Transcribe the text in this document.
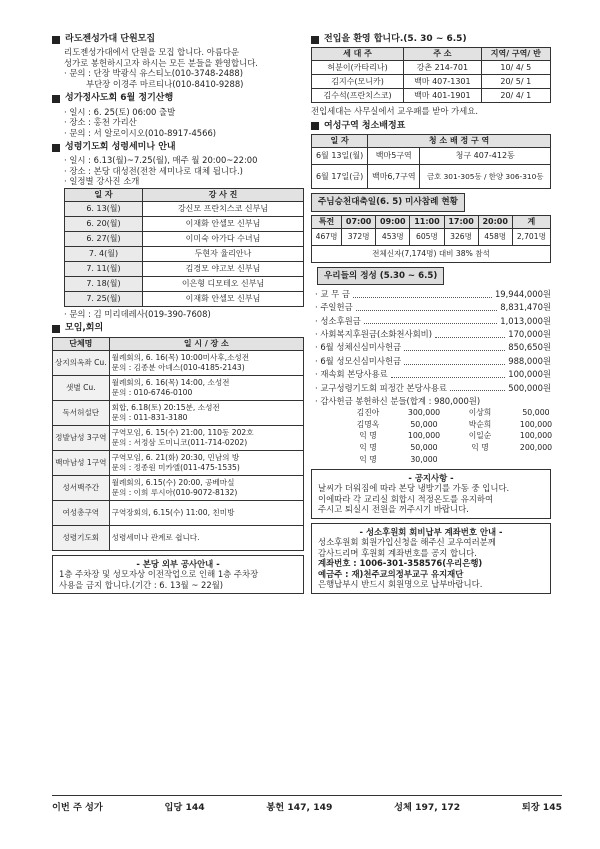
라도젠성가대 단원모집
리도젠성가대에서 단원을 모집 합니다. 아름다운
성가로 봉헌하시고자 하시는 모든 분들을 환영합니다.
· 문의 : 단장 박광식 유스티노(010-3748-2488)
부단장 이경주 마르티나(010-8410-9288)
성가정사도회 6월 정기산행
· 일시 : 6. 25(토) 06:00 출발
· 장소 : 홍천 가리산
· 문의 : 서 알로이시오(010-8917-4566)
성령기도회 성령세미나 안내
· 일시 : 6.13(월)~7.25(월), 매주 월 20:00~22:00
· 장소 : 본당 대성전(전찬 세미나로 대체 됩니다.)
· 일정별 강사진 소개
일 자	강 사 진
6. 13(월)	강신모 프란치스코 신부님
6. 20(월)	이재화 안셀모 신부님
6. 27(월)	이미숙 아가다 수녀님
7. 4(월)	두현자 율리안나
7. 11(월)	김경모 야고보 신부님
7. 18(월)	이은형 디모테오 신부님
7. 25(월)	이재화 안셀모 신부님
· 문의 : 김 미리데레사(019-390-7608)
모임,회의
단체명	일 시 / 장 소
상지의옥좌 Cu.	월례회의, 6. 16(목) 10:00미사후,소성전
문의 : 김종분 아녜스(010-4185-2143)

샛별 Cu.	월례회의, 6. 16(목) 14:00, 소성전
문의 : 010-6746-0100

독서허설단	회합, 6.18(토) 20:15분, 소성전
문의 : 011-831-3180

정발남성 3구역	구역모임, 6. 15(수) 21:00, 110동 202호
문의 : 서정삼 도미니코(011-714-0202)

백마남성 1구역	구역모임, 6. 21(화) 20:30, 민남의 방
문의 : 정종원 미카엘(011-475-1535)

성서백주간	월례회의, 6.15(수) 20:00, 공베마실
문의 : 이희 루시아(010-9072-8132)

여성총구역	구역장회의, 6.15(수) 11:00, 친미방
성령기도회	성령세미나 관계로 쉽니다.
- 본당 외부 공사안내 -
1층 주차장 및 성모자상 이전작업으로 인해 1층 주차장
사용을 금지 합니다.(기간 : 6. 13월 ~ 22월)
전입을 환영 합니다.(5. 30 ~ 6.5)
세 대 주	주 소	지역/ 구역/ 반
허분이(카타리나)	강촌 214-701	10/ 4/ 5
김지수(모니카)	백마 407-1301	20/ 5/ 1
김수석(프란치스코)	백마 401-1901	20/ 4/ 1
전입세대는 사무실에서 교우패를 받아 가세요.
여성구역 청소배정표
일 자	청 소 배 정 구 역	
6월 13일(월)	백마5구역	청구 407-412동
6월 17일(금)	백마6,7구역	금호 301-305동 / 한양 306-310동
주님승천대축일(6. 5) 미사참례 현황
특전	07:00	09:00	11:00	17:00	20:00	계
467명	372명	453명	605명	326명	458명	2,701명
전체신자(7,174명) 대비 38% 참석						
우리들의 정성 (5.30 ~ 6.5)
· 교 무 금	19,944,000원
· 주일헌금	8,831,470원
· 성소후원금	1,013,000원
· 사회복지후원금(소화천사회비)	170,000원
· 6월 성체신심미사헌금	850,650원
· 6월 성모신심미사헌금	988,000원
· 재속회 본당사용료	100,000원
· 교구성령기도회 피정간 본당사용료	500,000원
· 감사헌금 봉헌하신 분들(합계 : 980,000원)
김진아	300,000	이상희	50,000
김명옥	50,000	박순희	100,000
익 명	100,000	이일순	100,000
익 명	50,000	익 명	200,000
익 명	30,000
- 공지사항 -
날씨가 더워짐에 따라 본당 냉방기를 가동 중 입니다.
이에따라 각 교리실 회합시 적정온도를 유지하여
주시고 퇴실시 전원을 꺼주시기 바랍니다.
- 성소후원회 회비납부 계좌번호 안내 -
성소후원회 회원가입신청을 해주신 교우여러분께
감사드리며 후원회 계좌번호를 공지 합니다.
계좌번호 : 1006-301-358576(우리은행)
예금주 : 재)천주교의정부교구 유지재단
은행납부시 반드시 회원명으로 납부바랍니다.
이번 주 성가	입당 144	봉헌 147, 149	성체 197, 172	퇴장 145
